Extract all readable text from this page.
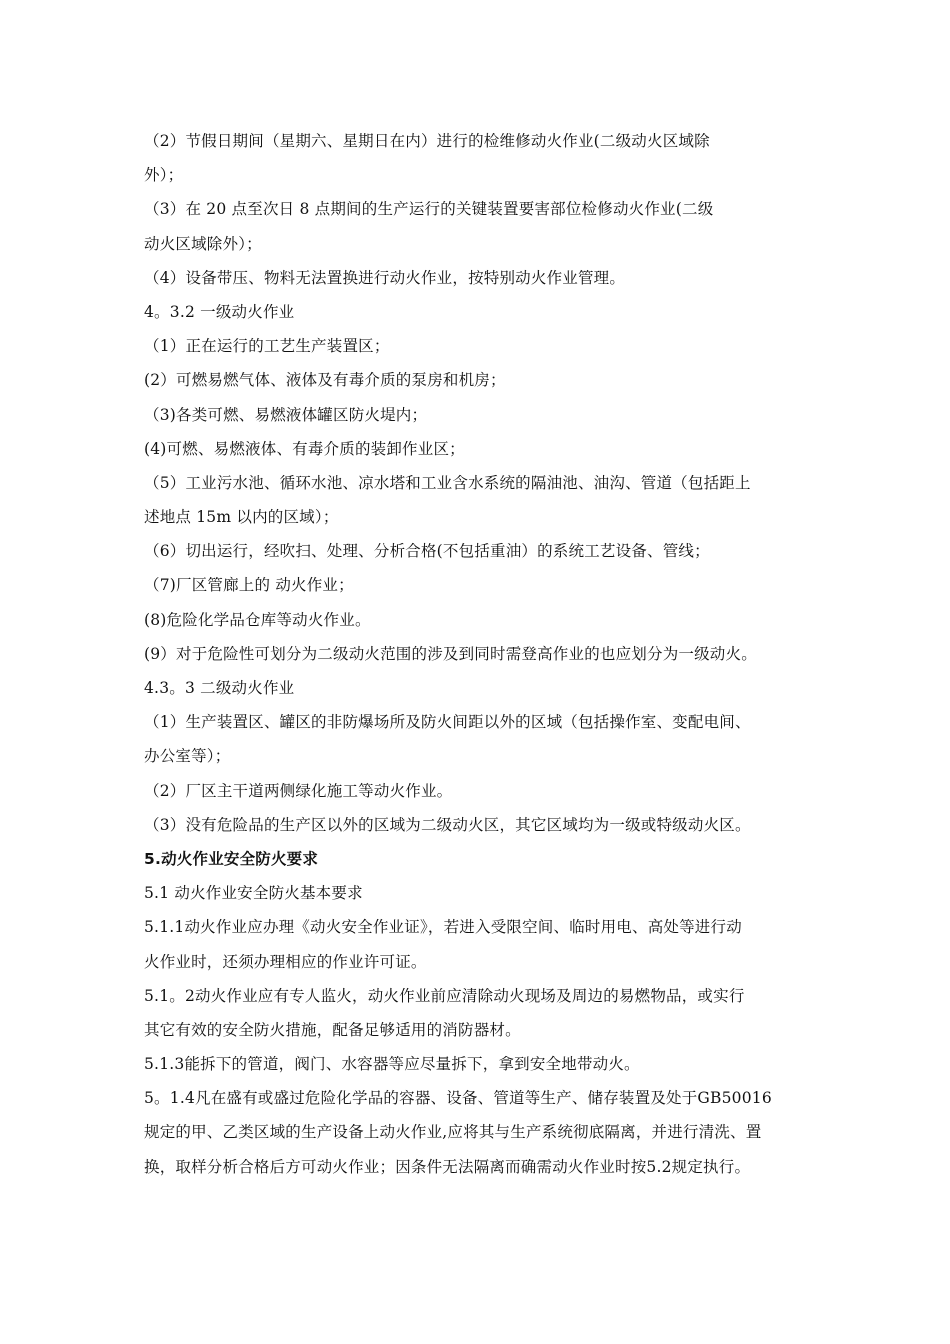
（2）节假日期间（星期六、星期日在内）进行的检维修动火作业(二级动火区域除
外）；
（3）在 20 点至次日 8 点期间的生产运行的关键装置要害部位检修动火作业(二级
动火区域除外）；
（4）设备带压、物料无法置换进行动火作业，按特别动火作业管理。
4。3.2 一级动火作业
（1）正在运行的工艺生产装置区；
(2）可燃易燃气体、液体及有毒介质的泵房和机房；
（3)各类可燃、易燃液体罐区防火堤内；
(4)可燃、易燃液体、有毒介质的装卸作业区；
（5）工业污水池、循环水池、凉水塔和工业含水系统的隔油池、油沟、管道（包括距上
述地点 15m 以内的区域）；
（6）切出运行，经吹扫、处理、分析合格(不包括重油）的系统工艺设备、管线；
（7)厂区管廊上的 动火作业；
(8)危险化学品仓库等动火作业。
(9）对于危险性可划分为二级动火范围的涉及到同时需登高作业的也应划分为一级动火。
4.3。3 二级动火作业
（1）生产装置区、罐区的非防爆场所及防火间距以外的区域（包括操作室、变配电间、
办公室等）；
（2）厂区主干道两侧绿化施工等动火作业。
（3）没有危险品的生产区以外的区域为二级动火区，其它区域均为一级或特级动火区。
5.动火作业安全防火要求
5.1 动火作业安全防火基本要求
5.1.1动火作业应办理《动火安全作业证》，若进入受限空间、临时用电、高处等进行动
火作业时，还须办理相应的作业许可证。
5.1。2动火作业应有专人监火，动火作业前应清除动火现场及周边的易燃物品，或实行
其它有效的安全防火措施，配备足够适用的消防器材。
5.1.3能拆下的管道，阀门、水容器等应尽量拆下，拿到安全地带动火。
5。1.4凡在盛有或盛过危险化学品的容器、设备、管道等生产、储存装置及处于GB50016
规定的甲、乙类区域的生产设备上动火作业,应将其与生产系统彻底隔离，并进行清洗、置
换，取样分析合格后方可动火作业；因条件无法隔离而确需动火作业时按5.2规定执行。
